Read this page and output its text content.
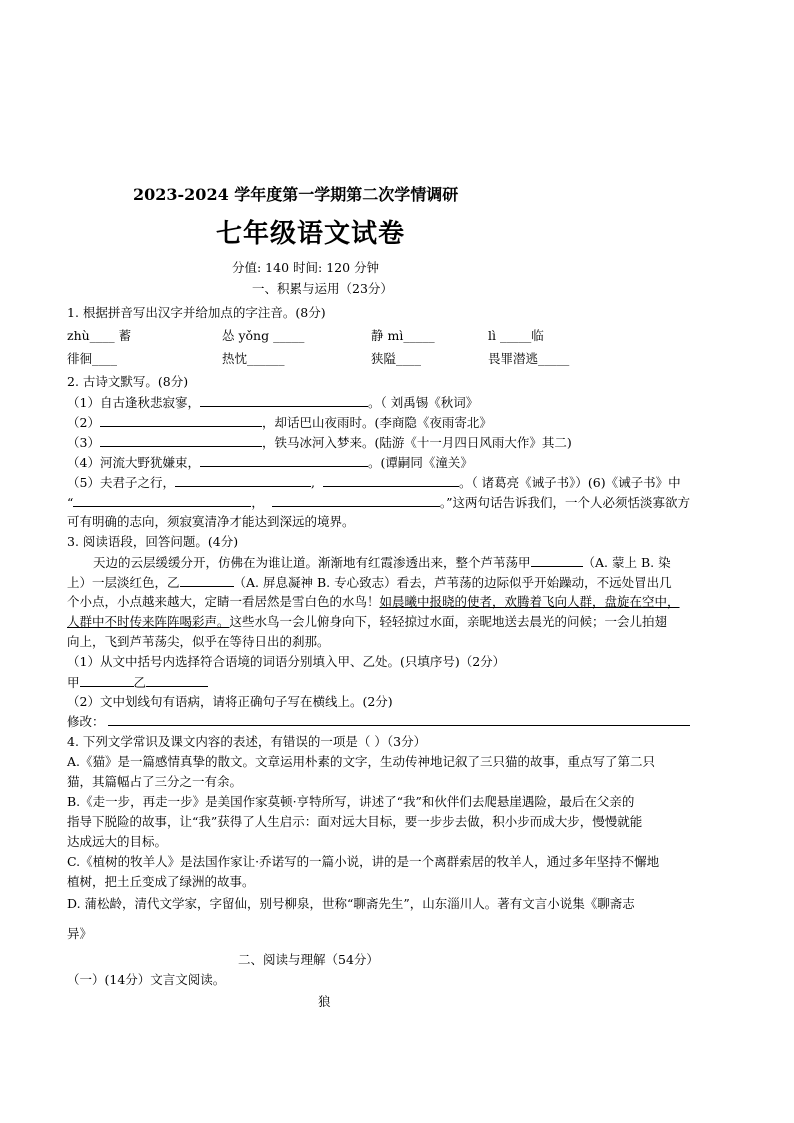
2023-2024 学年度第一学期第二次学情调研
七年级语文试卷
分值: 140 时间: 120 分钟
一、积累与运用（23分）
1. 根据拼音写出汉字并给加点的字注音。(8分)
zhù____ 蓄	怂 yǒng _____	静 mì_____	lì _____临
徘徊____	热忱______	狭隘____	畏罪潜逃_____
2. 古诗文默写。(8分)
（1）自古逢秋悲寂寥，	。（ 刘禹锡《秋词》
（2）	，却话巴山夜雨时。(李商隐《夜雨寄北》
（3）	，铁马冰河入梦来。(陆游《十一月四日风雨大作》其二)
（4）河流大野犹嫌束，	。(谭嗣同《潼关》
（5）夫君子之行，	,	。（ 诸葛亮《诫子书》）(6)《诫子书》中
“	，	。”这两句话告诉我们，一个人必须恬淡寡欲方
可有明确的志向，须寂寞清净才能达到深远的境界。
3. 阅读语段，回答问题。(4分)
天边的云层缓缓分开，仿佛在为谁让道。渐渐地有红霞渗透出来，整个芦苇荡甲	（A. 蒙上 B. 染
上）一层淡红色，乙	（A. 屏息凝神 B. 专心致志）看去，芦苇荡的边际似乎开始躁动，不远处冒出几
个小点，小点越来越大，定睛一看居然是雪白色的水鸟！如晨曦中报晓的使者，欢腾着飞向人群，盘旋在空中，
人群中不时传来阵阵喝彩声。这些水鸟一会儿俯身向下，轻轻掠过水面，亲昵地送去晨光的问候；一会儿拍翅
向上，飞到芦苇荡尖，似乎在等待日出的刹那。
（1）从文中括号内选择符合语境的词语分别填入甲、乙处。(只填序号)（2分）
甲	乙
（2）文中划线句有语病，请将正确句子写在横线上。(2分)
修改：
4. 下列文学常识及课文内容的表述，有错误的一项是（ ）（3分）
A.《猫》是一篇感情真挚的散文。文章运用朴素的文字，生动传神地记叙了三只猫的故事，重点写了第二只
猫，其篇幅占了三分之一有余。
B.《走一步，再走一步》是美国作家莫顿·亨特所写，讲述了“我”和伙伴们去爬悬崖遇险，最后在父亲的
指导下脱险的故事，让“我”获得了人生启示：面对远大目标，要一步步去做，积小步而成大步，慢慢就能
达成远大的目标。
C.《植树的牧羊人》是法国作家让·乔诺写的一篇小说，讲的是一个离群索居的牧羊人，通过多年坚持不懈地
植树，把土丘变成了绿洲的故事。
D. 蒲松龄，清代文学家，字留仙，别号柳泉，世称“聊斋先生”，山东淄川人。著有文言小说集《聊斋志
异》
二、阅读与理解（54分）
（一）(14分）文言文阅读。
狼
